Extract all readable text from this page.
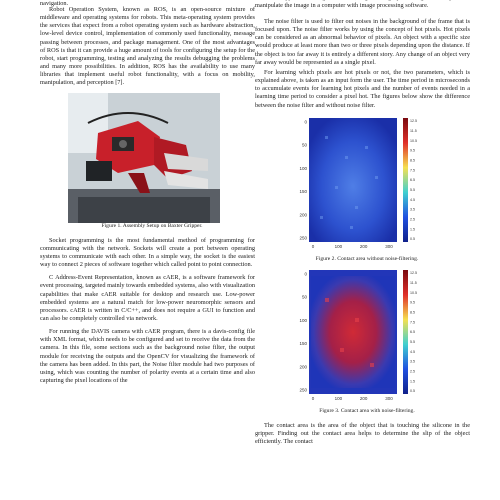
navigation.

Robot Operation System, known as ROS, is an open-source mixture of middleware and operating systems for robots. This meta-operating system provides the services that expect from a robot operating system such as hardware abstraction, low-level device control, implementation of commonly used functionality, message passing between processes, and package management. One of the most advantages of ROS is that it can provide a huge amount of tools for configuring the setup for the robot, start programming, testing and analyzing the results debugging the problems and many more possibilities. In addition, ROS has the availability to use many libraries that implement useful robot functionality, with a focus on mobility, manipulation, and perception [7].

Figure 1. Assembly Setup on Baxter Gripper.

Socket programming is the most fundamental method of programming for communicating with the network. Sockets will create a port between operating systems to communicate with each other. In a simple way, the socket is the easiest way to connect 2 pieces of software together which called point to point connection.

C Address-Event Representation, known as cAER, is a software framework for event processing, targeted mainly towards embedded systems, also with visualization capabilities that make cAER suitable for desktop and research use. Low-power embedded systems are a natural match for low-power neuromorphic sensors and processors. cAER is written in C/C++, and does not require a GUI to function and can also be completely controlled via network.

For running the DAVIS camera with cAER program, there is a davis-config file with XML format, which needs to be configured and set to receive the data from the camera. In this file, some sections such as the background noise filter, the output module for receiving the outputs and the OpenCV for visualizing the framework of the camera has been added. In this part, the Noise filter module had two purposes of using, which was counting the number of polarity events at a certain time and also capturing the pixel locations of the

manipulate the image in a computer with image processing software.

The noise filter is used to filter out noises in the background of the frame that is focused upon. The noise filter works by using the concept of hot pixels. Hot pixels can be considered as an abnormal behavior of pixels. An object with a specific size would produce at least more than two or three pixels depending upon the distance. If the object is too far away it is entirely a different story. Any change of an object very far away would be represented as a single pixel.

For learning which pixels are hot pixels or not, the two parameters, which is explained above, is taken as an input form the user. The time period in microseconds to accumulate events for learning hot pixels and the number of events needed in a learning time period to consider a pixel hot. The figures below show the difference between the noise filter and without noise filter.

0
50
100
150
200
250
0	100	200	300
12.5
11.5
10.5
9.5
8.5
7.5
6.5
5.5
4.5
3.5
2.5
1.5
0.5

Figure 2. Contact area without noise-filtering.

0
50
100
150
200
250
0	100	200	300
12.5
11.5
10.5
9.5
8.5
7.5
6.5
5.5
4.5
3.5
2.5
1.5
0.5

Figure 3. Contact area with noise-filtering.

The contact area is the area of the object that is touching the silicone in the gripper. Finding out the contact area helps to determine the slip of the object efficiently. The contact
